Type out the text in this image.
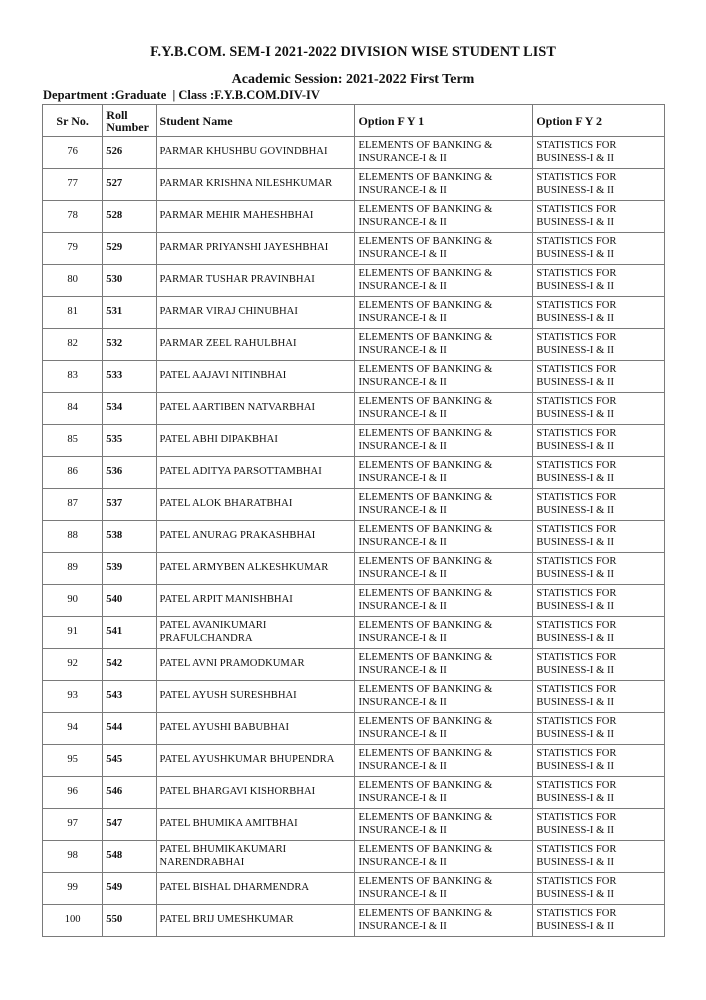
F.Y.B.COM. SEM-I 2021-2022 DIVISION WISE STUDENT LIST
Academic Session: 2021-2022 First Term
Department :Graduate  | Class :F.Y.B.COM.DIV-IV
Sr No.	Roll Number	Student Name	Option F Y 1	Option F Y 2
76	526	PARMAR KHUSHBU GOVINDBHAI	ELEMENTS OF BANKING & INSURANCE-I & II	STATISTICS FOR BUSINESS-I & II
77	527	PARMAR KRISHNA NILESHKUMAR	ELEMENTS OF BANKING & INSURANCE-I & II	STATISTICS FOR BUSINESS-I & II
78	528	PARMAR MEHIR MAHESHBHAI	ELEMENTS OF BANKING & INSURANCE-I & II	STATISTICS FOR BUSINESS-I & II
79	529	PARMAR PRIYANSHI JAYESHBHAI	ELEMENTS OF BANKING & INSURANCE-I & II	STATISTICS FOR BUSINESS-I & II
80	530	PARMAR TUSHAR PRAVINBHAI	ELEMENTS OF BANKING & INSURANCE-I & II	STATISTICS FOR BUSINESS-I & II
81	531	PARMAR VIRAJ CHINUBHAI	ELEMENTS OF BANKING & INSURANCE-I & II	STATISTICS FOR BUSINESS-I & II
82	532	PARMAR ZEEL RAHULBHAI	ELEMENTS OF BANKING & INSURANCE-I & II	STATISTICS FOR BUSINESS-I & II
83	533	PATEL AAJAVI NITINBHAI	ELEMENTS OF BANKING & INSURANCE-I & II	STATISTICS FOR BUSINESS-I & II
84	534	PATEL AARTIBEN NATVARBHAI	ELEMENTS OF BANKING & INSURANCE-I & II	STATISTICS FOR BUSINESS-I & II
85	535	PATEL ABHI DIPAKBHAI	ELEMENTS OF BANKING & INSURANCE-I & II	STATISTICS FOR BUSINESS-I & II
86	536	PATEL ADITYA PARSOTTAMBHAI	ELEMENTS OF BANKING & INSURANCE-I & II	STATISTICS FOR BUSINESS-I & II
87	537	PATEL ALOK BHARATBHAI	ELEMENTS OF BANKING & INSURANCE-I & II	STATISTICS FOR BUSINESS-I & II
88	538	PATEL ANURAG PRAKASHBHAI	ELEMENTS OF BANKING & INSURANCE-I & II	STATISTICS FOR BUSINESS-I & II
89	539	PATEL ARMYBEN ALKESHKUMAR	ELEMENTS OF BANKING & INSURANCE-I & II	STATISTICS FOR BUSINESS-I & II
90	540	PATEL ARPIT MANISHBHAI	ELEMENTS OF BANKING & INSURANCE-I & II	STATISTICS FOR BUSINESS-I & II
91	541	PATEL AVANIKUMARI PRAFULCHANDRA	ELEMENTS OF BANKING & INSURANCE-I & II	STATISTICS FOR BUSINESS-I & II
92	542	PATEL AVNI PRAMODKUMAR	ELEMENTS OF BANKING & INSURANCE-I & II	STATISTICS FOR BUSINESS-I & II
93	543	PATEL AYUSH SURESHBHAI	ELEMENTS OF BANKING & INSURANCE-I & II	STATISTICS FOR BUSINESS-I & II
94	544	PATEL AYUSHI BABUBHAI	ELEMENTS OF BANKING & INSURANCE-I & II	STATISTICS FOR BUSINESS-I & II
95	545	PATEL AYUSHKUMAR BHUPENDRA	ELEMENTS OF BANKING & INSURANCE-I & II	STATISTICS FOR BUSINESS-I & II
96	546	PATEL BHARGAVI KISHORBHAI	ELEMENTS OF BANKING & INSURANCE-I & II	STATISTICS FOR BUSINESS-I & II
97	547	PATEL BHUMIKA AMITBHAI	ELEMENTS OF BANKING & INSURANCE-I & II	STATISTICS FOR BUSINESS-I & II
98	548	PATEL BHUMIKAKUMARI NARENDRABHAI	ELEMENTS OF BANKING & INSURANCE-I & II	STATISTICS FOR BUSINESS-I & II
99	549	PATEL BISHAL DHARMENDRA	ELEMENTS OF BANKING & INSURANCE-I & II	STATISTICS FOR BUSINESS-I & II
100	550	PATEL BRIJ UMESHKUMAR	ELEMENTS OF BANKING & INSURANCE-I & II	STATISTICS FOR BUSINESS-I & II
